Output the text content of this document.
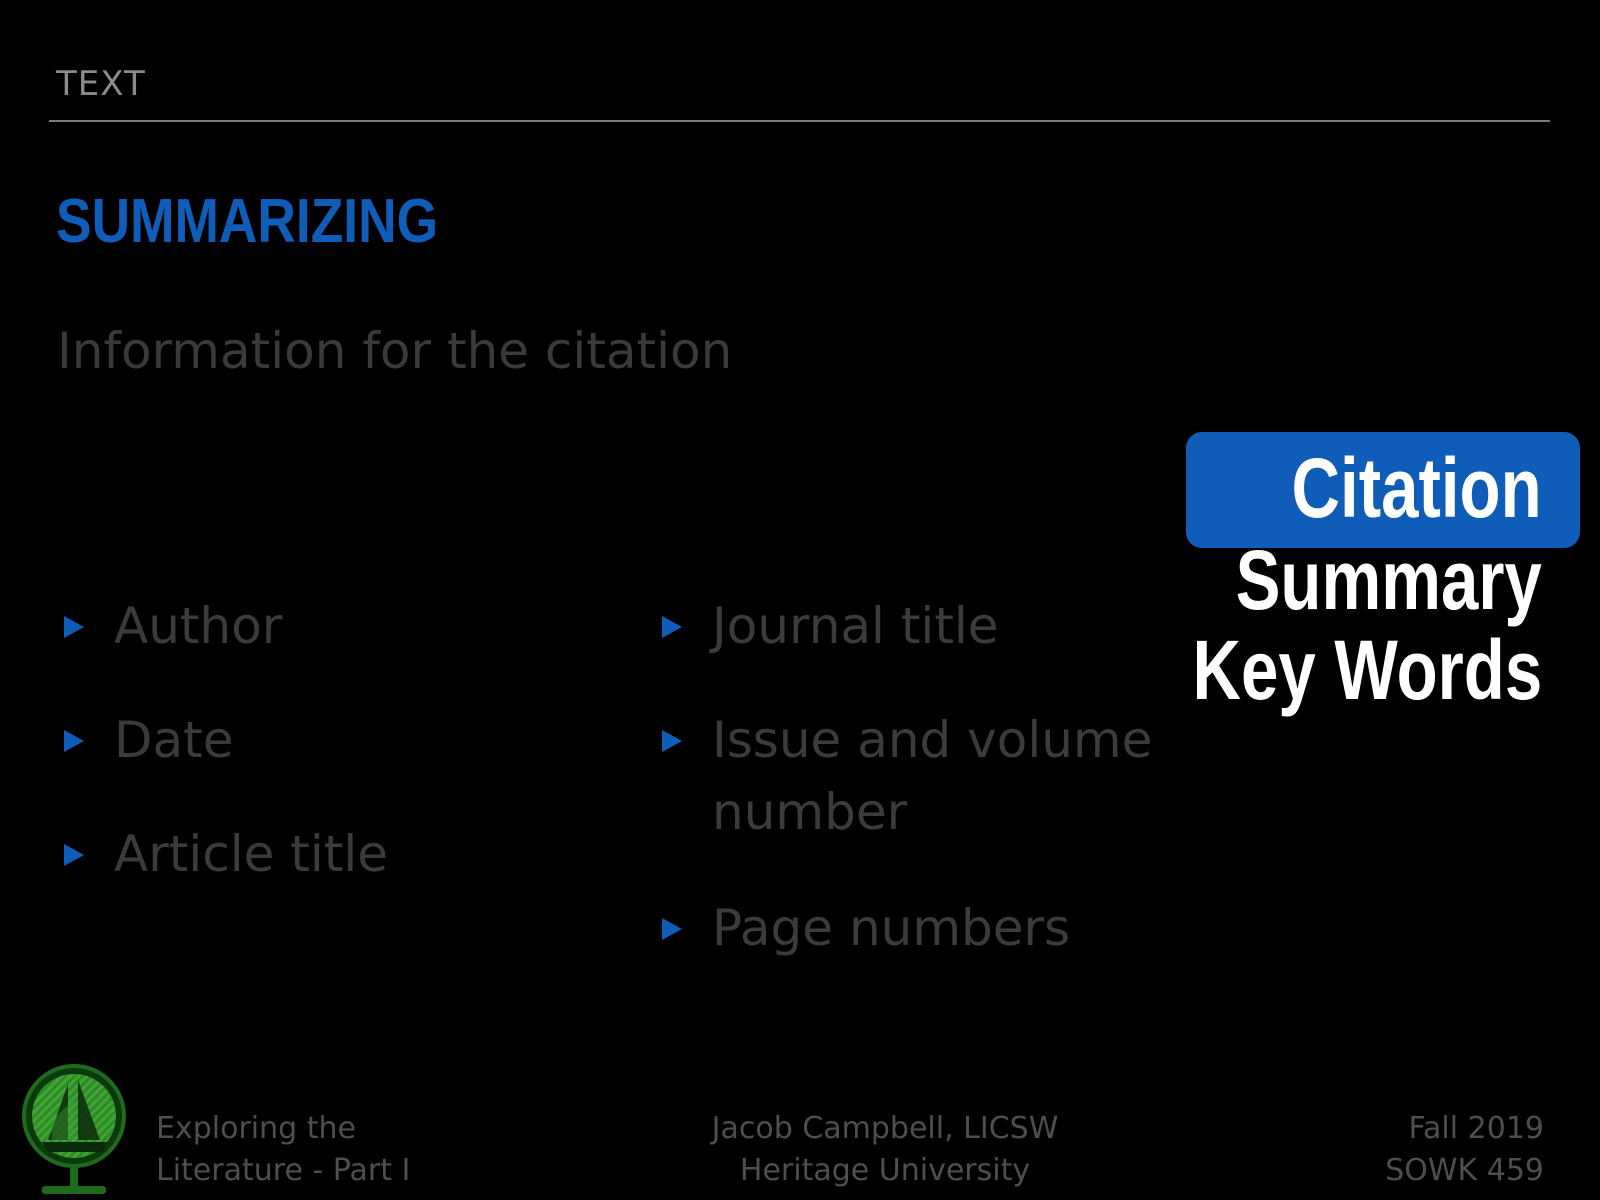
TEXT
SUMMARIZING
Information for the citation
Author
Date
Article title
Journal title
Issue and volume number
Page numbers
Citation
Summary
Key Words
Exploring the
Literature - Part I
Jacob Campbell, LICSW
Heritage University
Fall 2019
SOWK 459
